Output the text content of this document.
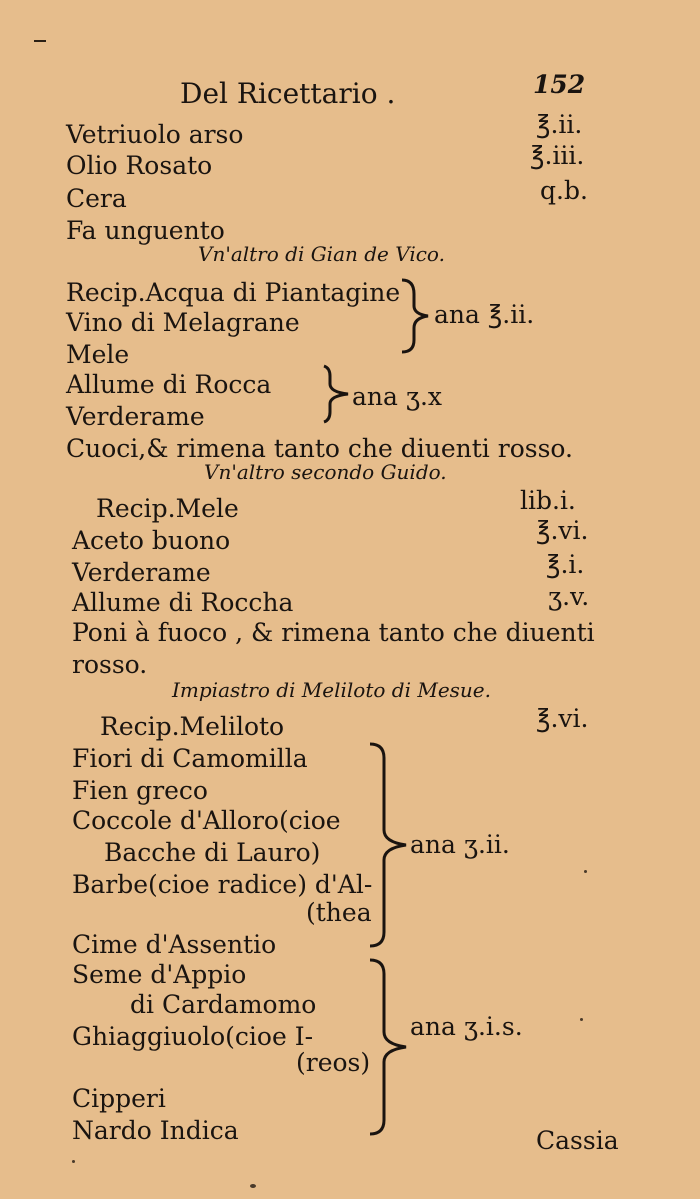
Del Ricettario .	152
Vetriuolo arso	℥.ii.
Olio Rosato	℥.iii.
Cera	q.b.
Fa unguento
Vn'altro di Gian de Vico.
Recip.Acqua di Piantagine
Vino di Melagrane
Mele
ana ℥.ii.
Allume di Rocca
Verderame
ana ʒ.x
Cuoci,& rimena tanto che diuenti rosso.
Vn'altro secondo Guido.
Recip.Mele	lib.i.
Aceto buono	℥.vi.
Verderame	℥.i.
Allume di Roccha	ʒ.v.
Poni à fuoco , & rimena tanto che diuenti
rosso.
Impiastro di Meliloto di Mesue.
Recip.Meliloto	℥.vi.
Fiori di Camomilla
Fien greco
Coccole d'Alloro(cioe
Bacche di Lauro)
Barbe(cioe radice) d'Al-
(thea
Cime d'Assentio
ana ʒ.ii.
Seme d'Appio
di Cardamomo
Ghiaggiuolo(cioe I-
(reos)
Cipperi
Nardo Indica
ana ʒ.i.s.
Cassia
